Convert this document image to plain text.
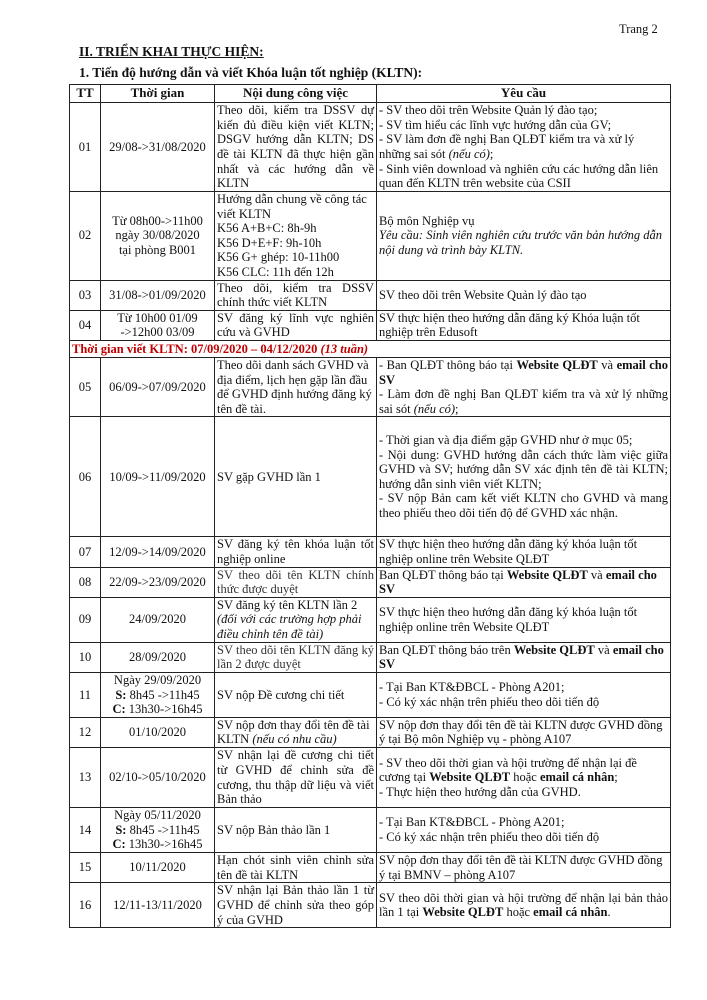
Trang 2
II. TRIỂN KHAI THỰC HIỆN:
1. Tiến độ hướng dẫn và viết Khóa luận tốt nghiệp (KLTN):
TT	Thời gian	Nội dung công việc	Yêu cầu
01	29/08->31/08/2020	Theo dõi, kiểm tra DSSV dự kiến đủ điều kiện viết KLTN; DSGV hướng dẫn KLTN; DS đề tài KLTN đã thực hiện gần nhất và các hướng dẫn về KLTN	- SV theo dõi trên Website Quản lý đào tạo;
- SV tìm hiểu các lĩnh vực hướng dẫn của GV;
- SV làm đơn đề nghị Ban QLĐT kiểm tra và xử lý những sai sót (nếu có);
- Sinh viên download và nghiên cứu các hướng dẫn liên quan đến KLTN trên website của CSII

02	Từ 08h00->11h00
ngày 30/08/2020
tại phòng B001	Hướng dẫn chung về công tác viết KLTN
K56 A+B+C: 8h-9h
K56 D+E+F: 9h-10h
K56 G+ ghép: 10-11h00
K56 CLC: 11h đến 12h	Bộ môn Nghiệp vụ
Yêu cầu: Sinh viên nghiên cứu trước văn bản hướng dẫn nội dung và trình bày KLTN.

03	31/08->01/09/2020	Theo dõi, kiểm tra DSSV chính thức viết KLTN	SV theo dõi trên Website Quản lý đào tạo
04	Từ 10h00 01/09
->12h00 03/09	SV đăng ký lĩnh vực nghiên cứu và GVHD	SV thực hiện theo hướng dẫn đăng ký Khóa luận tốt nghiệp trên Edusoft
Thời gian viết KLTN: 07/09/2020 – 04/12/2020 (13 tuần)			
05	06/09->07/09/2020	Theo dõi danh sách GVHD và địa điểm, lịch hẹn gặp lần đầu để GVHD định hướng đăng ký tên đề tài.	- Ban QLĐT thông báo tại Website QLĐT và email cho SV
- Làm đơn đề nghị Ban QLĐT kiểm tra và xử lý những sai sót (nếu có);

06	10/09->11/09/2020	SV gặp GVHD lần 1	- Thời gian và địa điểm gặp GVHD như ở mục 05;
- Nội dung: GVHD hướng dẫn cách thức làm việc giữa GVHD và SV; hướng dẫn SV xác định tên đề tài KLTN; hướng dẫn sinh viên viết KLTN;
- SV nộp Bản cam kết viết KLTN cho GVHD và mang theo phiếu theo dõi tiến độ để GVHD xác nhận.

07	12/09->14/09/2020	SV đăng ký tên khóa luận tốt nghiệp online	SV thực hiện theo hướng dẫn đăng ký khóa luận tốt nghiệp online trên Website QLĐT
08	22/09->23/09/2020	SV theo dõi tên KLTN chính thức được duyệt	Ban QLĐT thông báo tại Website QLĐT và email cho SV
09	24/09/2020	SV đăng ký tên KLTN lần 2 (đối với các trường hợp phải điều chỉnh tên đề tài)	SV thực hiện theo hướng dẫn đăng ký khóa luận tốt nghiệp online trên Website QLĐT
10	28/09/2020	SV theo dõi tên KLTN đăng ký lần 2 được duyệt	Ban QLĐT thông báo trên Website QLĐT và email cho SV
11	Ngày 29/09/2020
S: 8h45 ->11h45
C: 13h30->16h45	SV nộp Đề cương chi tiết	- Tại Ban KT&ĐBCL - Phòng A201;
- Có ký xác nhận trên phiếu theo dõi tiến độ

12	01/10/2020	SV nộp đơn thay đổi tên đề tài KLTN (nếu có nhu cầu)	SV nộp đơn thay đổi tên đề tài KLTN được GVHD đồng ý tại Bộ môn Nghiệp vụ - phòng A107
13	02/10->05/10/2020	SV nhận lại đề cương chi tiết từ GVHD để chỉnh sửa đề cương, thu thập dữ liệu và viết Bản thảo	- SV theo dõi thời gian và hội trường để nhận lại đề cương tại Website QLĐT hoặc email cá nhân;
- Thực hiện theo hướng dẫn của GVHD.

14	Ngày 05/11/2020
S: 8h45 ->11h45
C: 13h30->16h45	SV nộp Bản thảo lần 1	- Tại Ban KT&ĐBCL - Phòng A201;
- Có ký xác nhận trên phiếu theo dõi tiến độ

15	10/11/2020	Hạn chót sinh viên chỉnh sửa tên đề tài KLTN	SV nộp đơn thay đổi tên đề tài KLTN được GVHD đồng ý tại BMNV – phòng A107
16	12/11-13/11/2020	SV nhận lại Bản thảo lần 1 từ GVHD để chỉnh sửa theo góp ý của GVHD	SV theo dõi thời gian và hội trường để nhận lại bản thảo lần 1 tại Website QLĐT hoặc email cá nhân.
